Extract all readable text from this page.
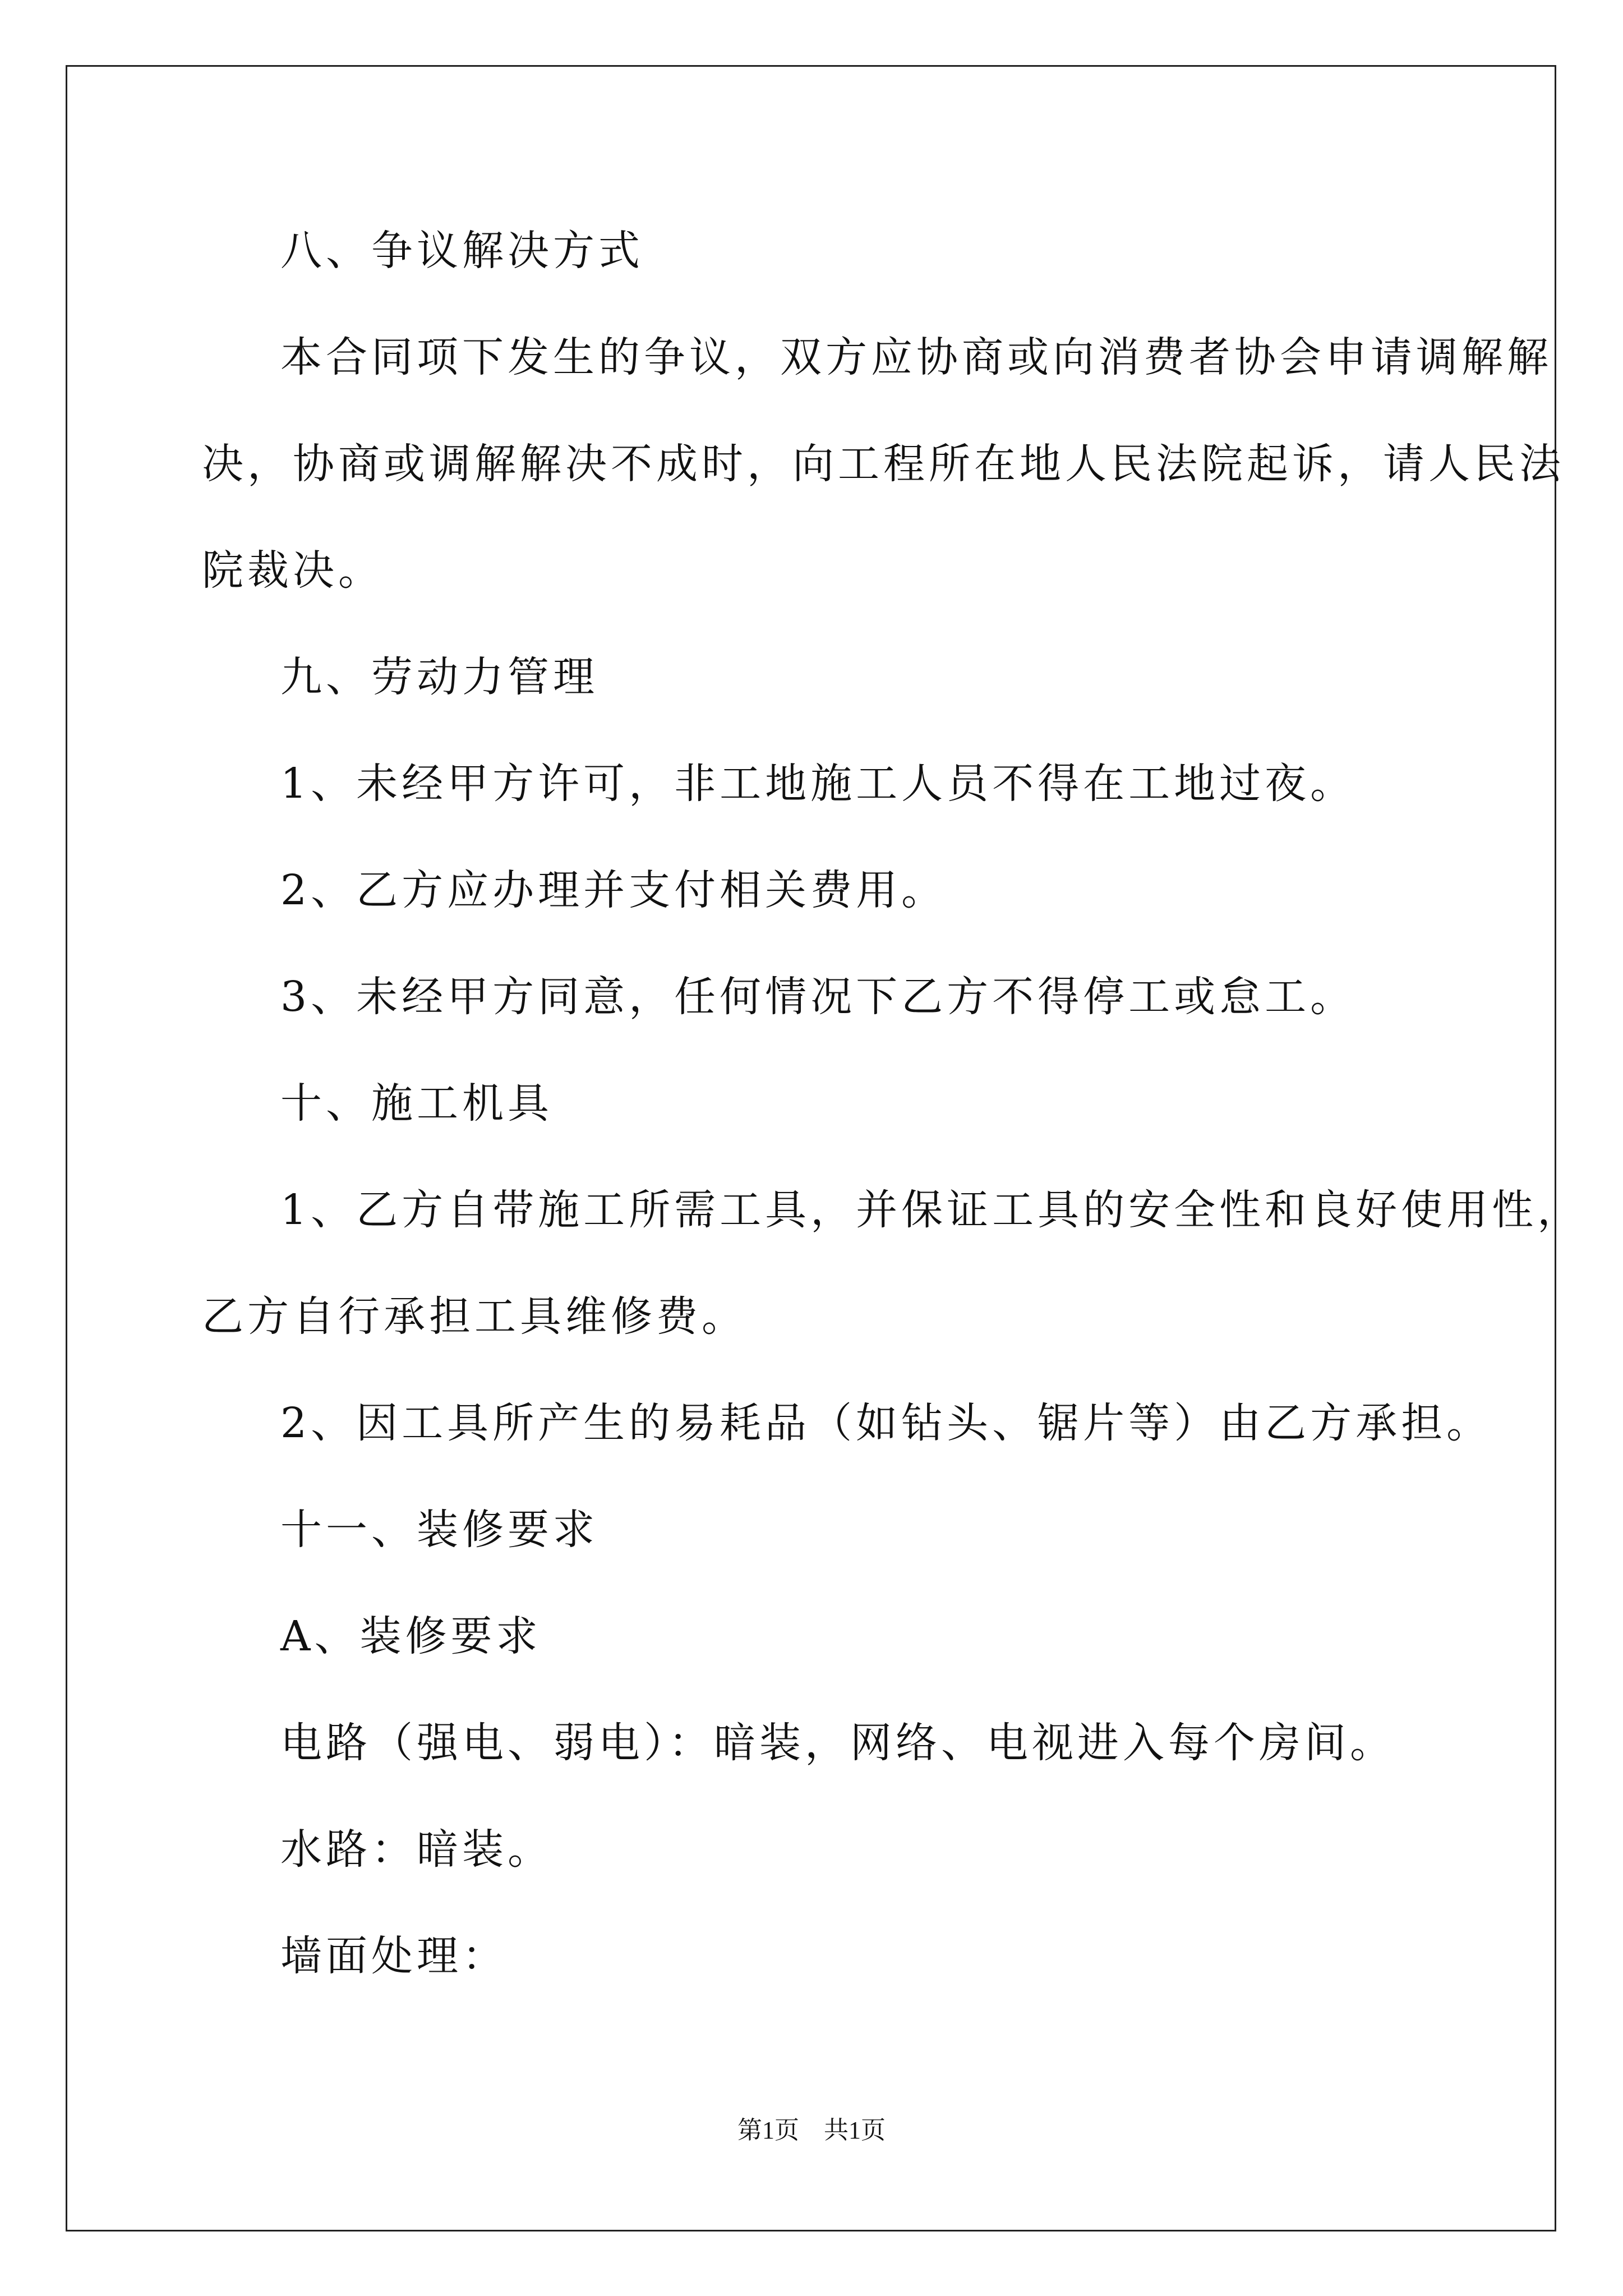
八、争议解决方式

本合同项下发生的争议，双方应协商或向消费者协会申请调解解

决，协商或调解解决不成时，向工程所在地人民法院起诉，请人民法

院裁决。

九、劳动力管理

1、未经甲方许可，非工地施工人员不得在工地过夜。

2、乙方应办理并支付相关费用。

3、未经甲方同意，任何情况下乙方不得停工或怠工。

十、施工机具

1、乙方自带施工所需工具，并保证工具的安全性和良好使用性，

乙方自行承担工具维修费。

2、因工具所产生的易耗品（如钻头、锯片等）由乙方承担。

十一、装修要求

A、装修要求

电路（强电、弱电）：暗装，网络、电视进入每个房间。

水路：暗装。

墙面处理：

第1页　共1页
